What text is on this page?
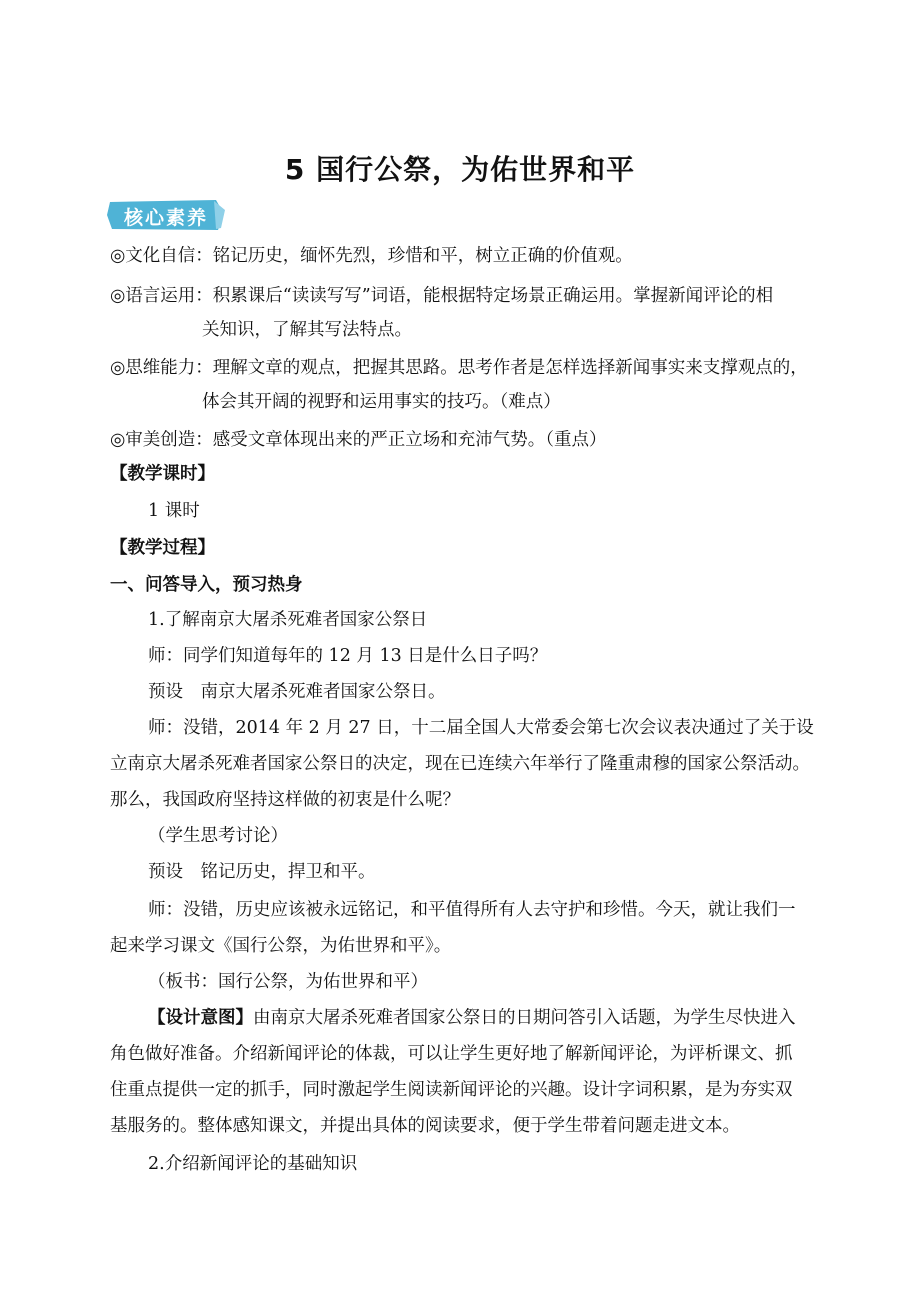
5 国行公祭，为佑世界和平
核心素养
◎文化自信：铭记历史，缅怀先烈，珍惜和平，树立正确的价值观。
◎语言运用：积累课后“读读写写”词语，能根据特定场景正确运用。掌握新闻评论的相
关知识，了解其写法特点。
◎思维能力：理解文章的观点，把握其思路。思考作者是怎样选择新闻事实来支撑观点的，
体会其开阔的视野和运用事实的技巧。（难点）
◎审美创造：感受文章体现出来的严正立场和充沛气势。（重点）
【教学课时】
1 课时
【教学过程】
一、问答导入，预习热身
1.了解南京大屠杀死难者国家公祭日
师：同学们知道每年的 12 月 13 日是什么日子吗？
预设　南京大屠杀死难者国家公祭日。
师：没错，2014 年 2 月 27 日，十二届全国人大常委会第七次会议表决通过了关于设
立南京大屠杀死难者国家公祭日的决定，现在已连续六年举行了隆重肃穆的国家公祭活动。
那么，我国政府坚持这样做的初衷是什么呢？
（学生思考讨论）
预设　铭记历史，捍卫和平。
师：没错，历史应该被永远铭记，和平值得所有人去守护和珍惜。今天，就让我们一
起来学习课文《国行公祭，为佑世界和平》。
（板书：国行公祭，为佑世界和平）
【设计意图】由南京大屠杀死难者国家公祭日的日期问答引入话题，为学生尽快进入
角色做好准备。介绍新闻评论的体裁，可以让学生更好地了解新闻评论，为评析课文、抓
住重点提供一定的抓手，同时激起学生阅读新闻评论的兴趣。设计字词积累，是为夯实双
基服务的。整体感知课文，并提出具体的阅读要求，便于学生带着问题走进文本。
2.介绍新闻评论的基础知识
